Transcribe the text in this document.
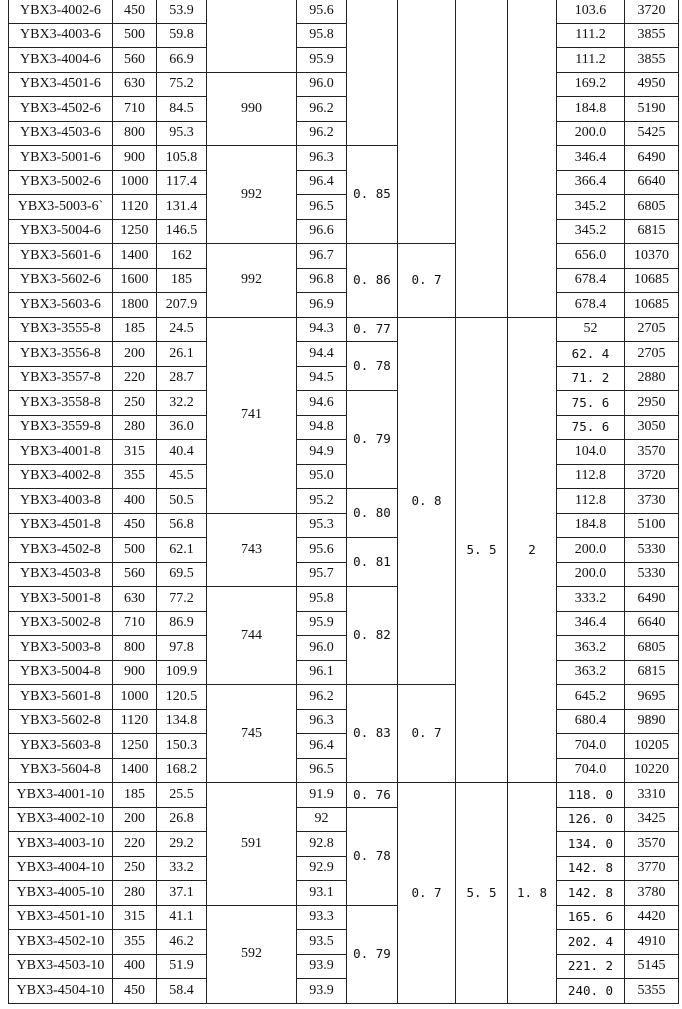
YBX3-4002-6	450	53.9		95.6					103.6	3720
YBX3-4003-6	500	59.8		95.8					111.2	3855
YBX3-4004-6	560	66.9		95.9					111.2	3855
YBX3-4501-6	630	75.2	990	96.0					169.2	4950
YBX3-4502-6	710	84.5		96.2					184.8	5190
YBX3-4503-6	800	95.3		96.2					200.0	5425
YBX3-5001-6	900	105.8	992	96.3	0. 85				346.4	6490
YBX3-5002-6	1000	117.4		96.4					366.4	6640
YBX3-5003-6`	1120	131.4		96.5					345.2	6805
YBX3-5004-6	1250	146.5		96.6					345.2	6815
YBX3-5601-6	1400	162	992	96.7	0. 86	0. 7			656.0	10370
YBX3-5602-6	1600	185		96.8					678.4	10685
YBX3-5603-6	1800	207.9		96.9					678.4	10685
YBX3-3555-8	185	24.5	741	94.3	0. 77	0. 8	5. 5	2	52	2705
YBX3-3556-8	200	26.1		94.4	0. 78				62. 4	2705
YBX3-3557-8	220	28.7		94.5					71. 2	2880
YBX3-3558-8	250	32.2		94.6	0. 79				75. 6	2950
YBX3-3559-8	280	36.0		94.8					75. 6	3050
YBX3-4001-8	315	40.4		94.9					104.0	3570
YBX3-4002-8	355	45.5		95.0					112.8	3720
YBX3-4003-8	400	50.5		95.2	0. 80				112.8	3730
YBX3-4501-8	450	56.8	743	95.3					184.8	5100
YBX3-4502-8	500	62.1		95.6	0. 81				200.0	5330
YBX3-4503-8	560	69.5		95.7					200.0	5330
YBX3-5001-8	630	77.2	744	95.8	0. 82				333.2	6490
YBX3-5002-8	710	86.9		95.9					346.4	6640
YBX3-5003-8	800	97.8		96.0					363.2	6805
YBX3-5004-8	900	109.9		96.1					363.2	6815
YBX3-5601-8	1000	120.5	745	96.2	0. 83	0. 7			645.2	9695
YBX3-5602-8	1120	134.8		96.3					680.4	9890
YBX3-5603-8	1250	150.3		96.4					704.0	10205
YBX3-5604-8	1400	168.2		96.5					704.0	10220
YBX3-4001-10	185	25.5	591	91.9	0. 76	0. 7	5. 5	1. 8	118. 0	3310
YBX3-4002-10	200	26.8		92	0. 78				126. 0	3425
YBX3-4003-10	220	29.2		92.8					134. 0	3570
YBX3-4004-10	250	33.2		92.9					142. 8	3770
YBX3-4005-10	280	37.1		93.1					142. 8	3780
YBX3-4501-10	315	41.1	592	93.3	0. 79				165. 6	4420
YBX3-4502-10	355	46.2		93.5					202. 4	4910
YBX3-4503-10	400	51.9		93.9					221. 2	5145
YBX3-4504-10	450	58.4		93.9					240. 0	5355
